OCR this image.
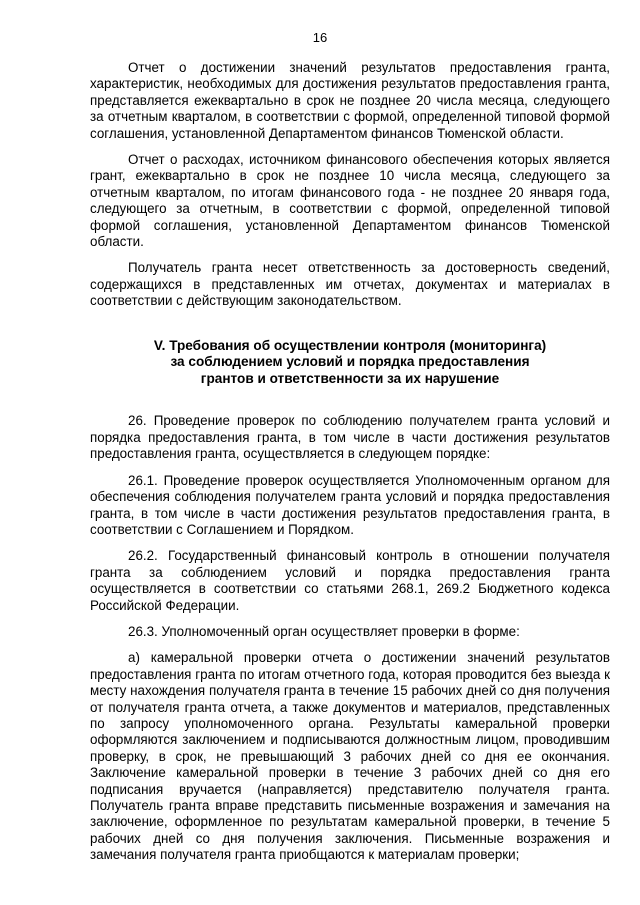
16

Отчет о достижении значений результатов предоставления гранта, характеристик, необходимых для достижения результатов предоставления гранта, представляется ежеквартально в срок не позднее 20 числа месяца, следующего за отчетным кварталом, в соответствии с формой, определенной типовой формой соглашения, установленной Департаментом финансов Тюменской области.

Отчет о расходах, источником финансового обеспечения которых является грант, ежеквартально в срок не позднее 10 числа месяца, следующего за отчетным кварталом, по итогам финансового года - не позднее 20 января года, следующего за отчетным, в соответствии с формой, определенной типовой формой соглашения, установленной Департаментом финансов Тюменской области.

Получатель гранта несет ответственность за достоверность сведений, содержащихся в представленных им отчетах, документах и материалах в соответствии с действующим законодательством.

V. Требования об осуществлении контроля (мониторинга)
за соблюдением условий и порядка предоставления
грантов и ответственности за их нарушение

26. Проведение проверок по соблюдению получателем гранта условий и порядка предоставления гранта, в том числе в части достижения результатов предоставления гранта, осуществляется в следующем порядке:

26.1. Проведение проверок осуществляется Уполномоченным органом для обеспечения соблюдения получателем гранта условий и порядка предоставления гранта, в том числе в части достижения результатов предоставления гранта, в соответствии с Соглашением и Порядком.

26.2. Государственный финансовый контроль в отношении получателя гранта за соблюдением условий и порядка предоставления гранта осуществляется в соответствии со статьями 268.1, 269.2 Бюджетного кодекса Российской Федерации.

26.3. Уполномоченный орган осуществляет проверки в форме:

а) камеральной проверки отчета о достижении значений результатов предоставления гранта по итогам отчетного года, которая проводится без выезда к месту нахождения получателя гранта в течение 15 рабочих дней со дня получения от получателя гранта отчета, а также документов и материалов, представленных по запросу уполномоченного органа. Результаты камеральной проверки оформляются заключением и подписываются должностным лицом, проводившим проверку, в срок, не превышающий 3 рабочих дней со дня ее окончания. Заключение камеральной проверки в течение 3 рабочих дней со дня его подписания вручается (направляется) представителю получателя гранта. Получатель гранта вправе представить письменные возражения и замечания на заключение, оформленное по результатам камеральной проверки, в течение 5 рабочих дней со дня получения заключения. Письменные возражения и замечания получателя гранта приобщаются к материалам проверки;
